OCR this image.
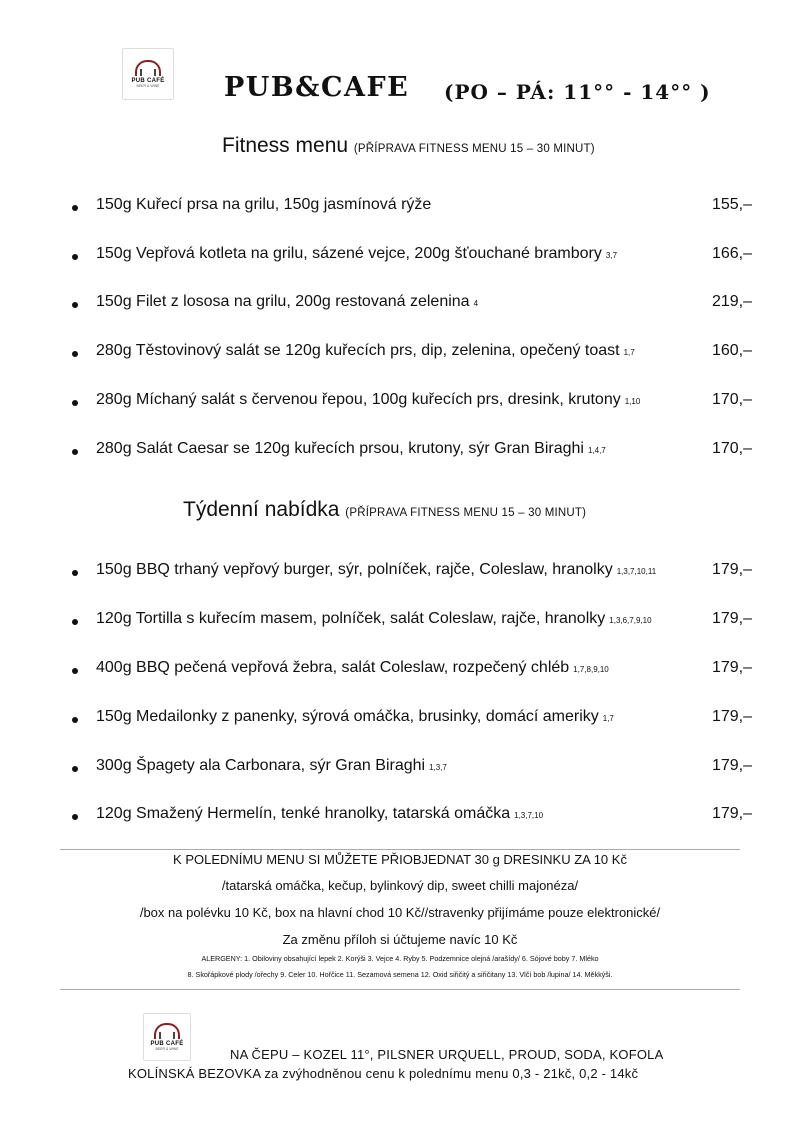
PUB CAFÉ
BEER & WINE PUB&CAFE (PO – PÁ: 11°° - 14°° )
Fitness menu (PŘÍPRAVA FITNESS MENU 15 – 30 MINUT)
150g Kuřecí prsa na grilu, 150g jasmínová rýže	155,–
150g Vepřová kotleta na grilu, sázené vejce, 200g šťouchané brambory 3,7	166,–
150g Filet z lososa na grilu, 200g restovaná zelenina 4	219,–
280g Těstovinový salát se 120g kuřecích prs, dip, zelenina, opečený toast 1,7	160,–
280g Míchaný salát s červenou řepou, 100g kuřecích prs, dresink, krutony 1,10	170,–
280g Salát Caesar se 120g kuřecích prsou, krutony, sýr Gran Biraghi 1,4,7	170,–
Týdenní nabídka (PŘÍPRAVA FITNESS MENU 15 – 30 MINUT)
150g BBQ trhaný vepřový burger, sýr, polníček, rajče, Coleslaw, hranolky 1,3,7,10,11	179,–
120g Tortilla s kuřecím masem, polníček, salát Coleslaw, rajče, hranolky 1,3,6,7,9,10	179,–
400g BBQ pečená vepřová žebra, salát Coleslaw, rozpečený chléb 1,7,8,9,10	179,–
150g Medailonky z panenky, sýrová omáčka, brusinky, domácí ameriky 1,7	179,–
300g Špagety ala Carbonara, sýr Gran Biraghi 1,3,7	179,–
120g Smažený Hermelín, tenké hranolky, tatarská omáčka 1,3,7,10	179,–
K POLEDNÍMU MENU SI MŮŽETE PŘIOBJEDNAT 30 g DRESINKU ZA 10 Kč
/tatarská omáčka, kečup, bylinkový dip, sweet chilli majonéza/
/box na polévku 10 Kč, box na hlavní chod 10 Kč//stravenky přijímáme pouze elektronické/
Za změnu příloh si účtujeme navíc 10 Kč
ALERGENY: 1. Obiloviny obsahující lepek 2. Korýši 3. Vejce 4. Ryby 5. Podzemnice olejná /arašídy/ 6. Sójové boby 7. Mléko
8. Skořápkové plody /ořechy 9. Celer 10. Hořčice 11. Sezamová semena 12. Oxid siřičitý a siřičitany 13. Vlčí bob /lupina/ 14. Měkkýši.
PUB CAFÉ
BEER & WINE	NA ČEPU – KOZEL 11°, PILSNER URQUELL, PROUD, SODA, KOFOLA
KOLÍNSKÁ BEZOVKA za zvýhodněnou cenu k polednímu menu 0,3 - 21kč, 0,2 - 14kč
